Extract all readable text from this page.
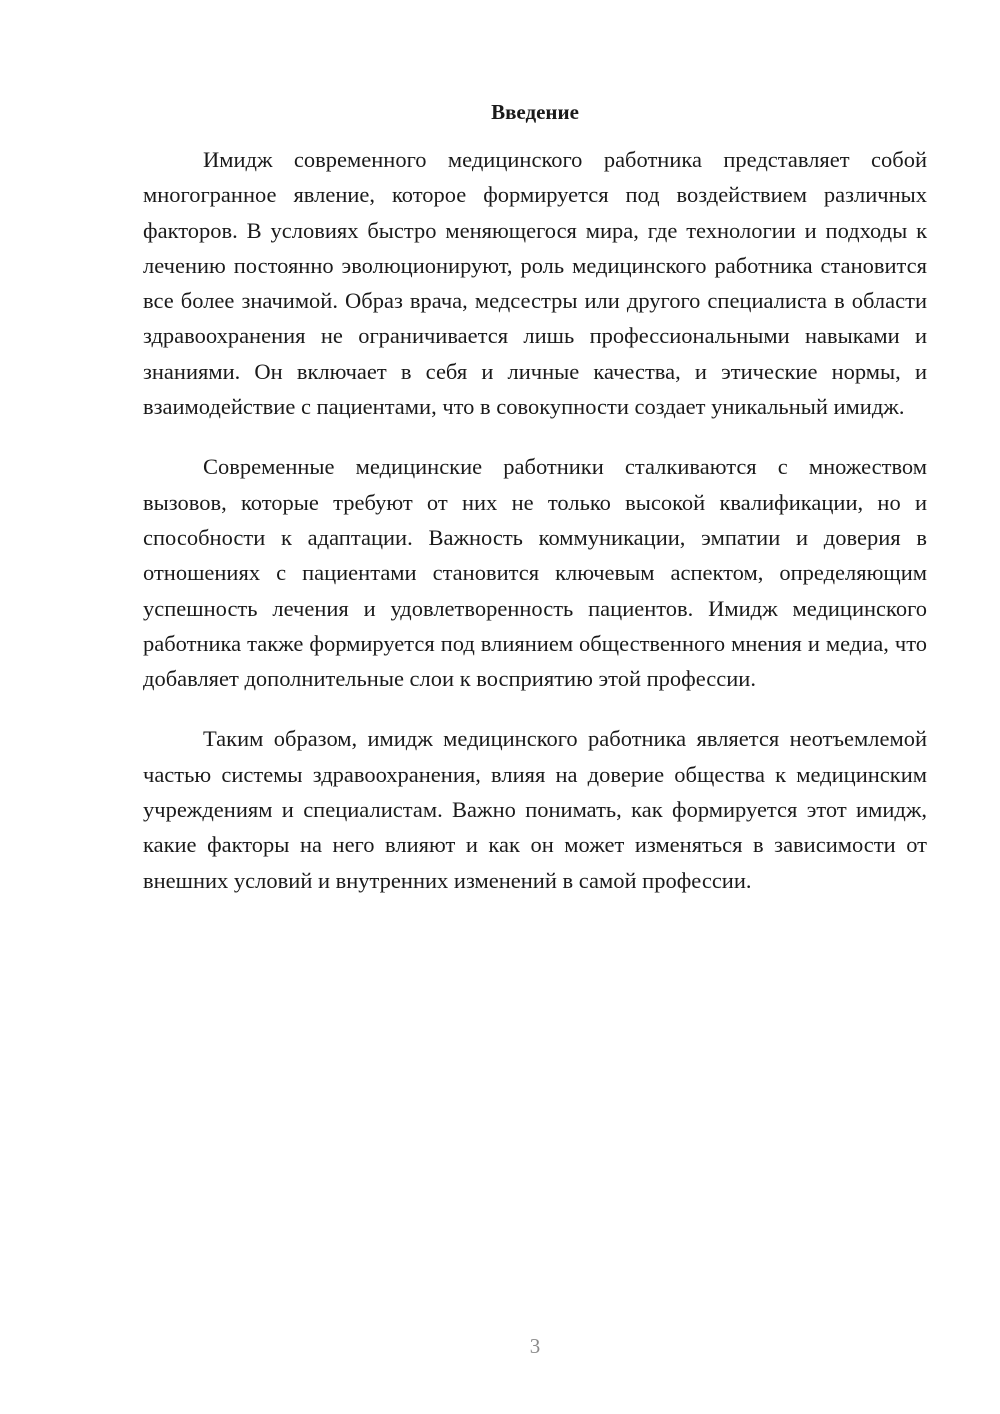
Введение

Имидж современного медицинского работника представляет собой многогранное явление, которое формируется под воздействием различных факторов. В условиях быстро меняющегося мира, где технологии и подходы к лечению постоянно эволюционируют, роль медицинского работника становится все более значимой. Образ врача, медсестры или другого специалиста в области здравоохранения не ограничивается лишь профессиональными навыками и знаниями. Он включает в себя и личные качества, и этические нормы, и взаимодействие с пациентами, что в совокупности создает уникальный имидж.

Современные медицинские работники сталкиваются с множеством вызовов, которые требуют от них не только высокой квалификации, но и способности к адаптации. Важность коммуникации, эмпатии и доверия в отношениях с пациентами становится ключевым аспектом, определяющим успешность лечения и удовлетворенность пациентов. Имидж медицинского работника также формируется под влиянием общественного мнения и медиа, что добавляет дополнительные слои к восприятию этой профессии.

Таким образом, имидж медицинского работника является неотъемлемой частью системы здравоохранения, влияя на доверие общества к медицинским учреждениям и специалистам. Важно понимать, как формируется этот имидж, какие факторы на него влияют и как он может изменяться в зависимости от внешних условий и внутренних изменений в самой профессии.

3
